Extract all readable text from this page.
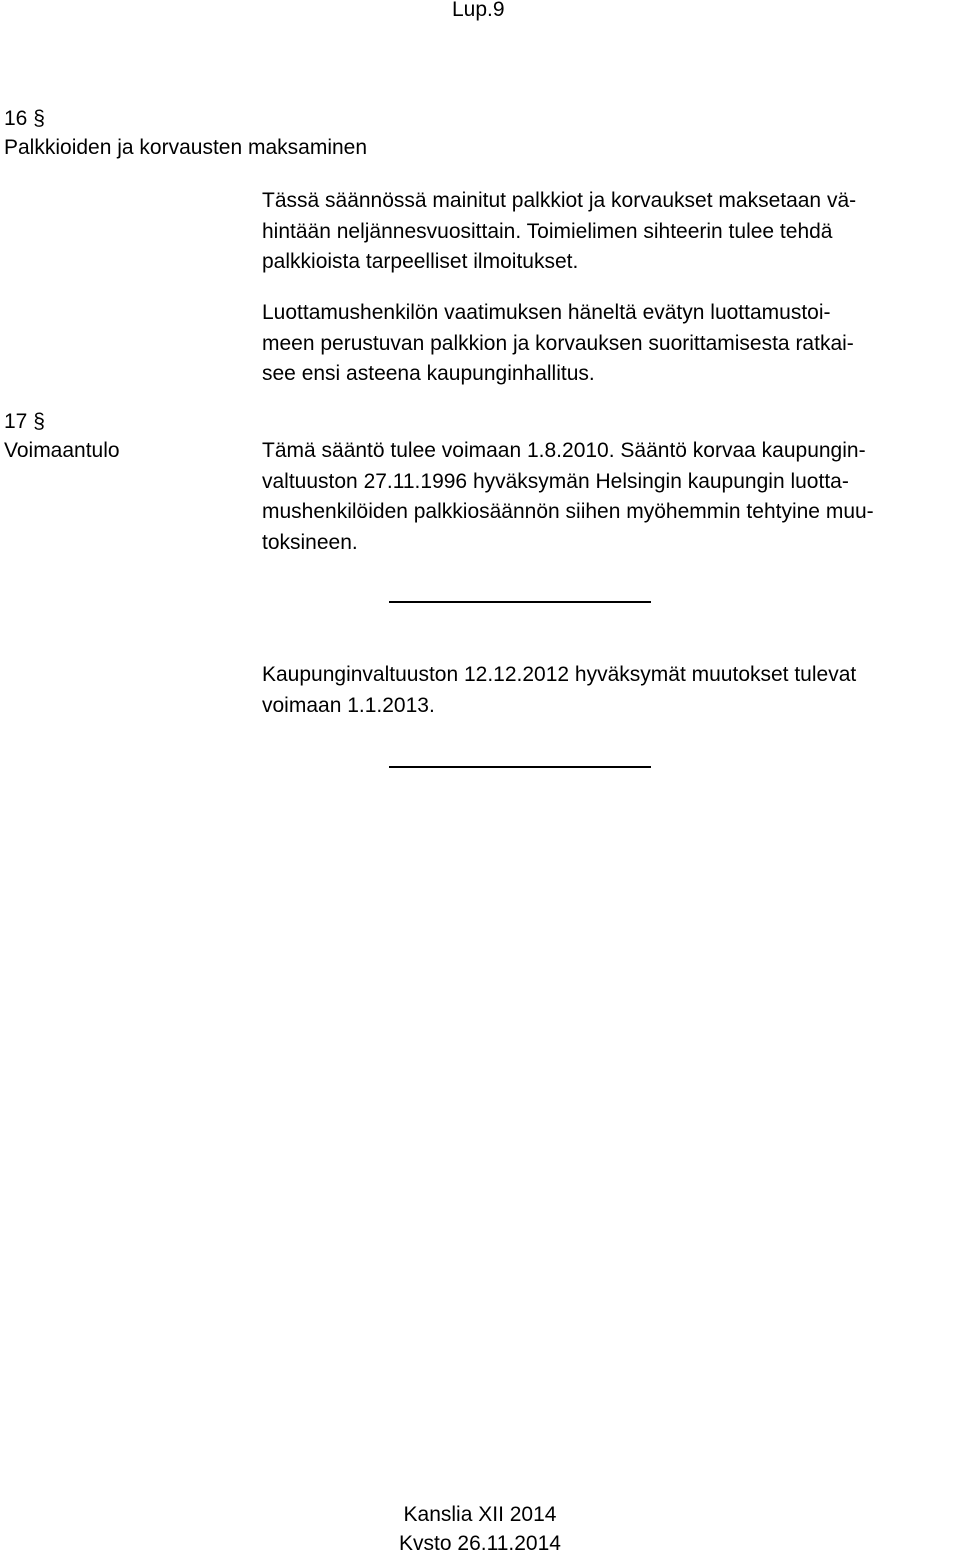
Lup.9
16 §
Palkkioiden ja korvausten maksaminen
Tässä säännössä mainitut palkkiot ja korvaukset maksetaan vä-
hintään neljännesvuosittain. Toimielimen sihteerin tulee tehdä
palkkioista tarpeelliset ilmoitukset.
Luottamushenkilön vaatimuksen häneltä evätyn luottamustoi-
meen perustuvan palkkion ja korvauksen suorittamisesta ratkai-
see ensi asteena kaupunginhallitus.
17 §
Voimaantulo	Tämä sääntö tulee voimaan 1.8.2010. Sääntö korvaa kaupungin-
valtuuston 27.11.1996 hyväksymän Helsingin kaupungin luotta-
mushenkilöiden palkkiosäännön siihen myöhemmin tehtyine muu-
toksineen.
Kaupunginvaltuuston 12.12.2012 hyväksymät muutokset tulevat
voimaan 1.1.2013.
Kanslia XII 2014
Kvsto 26.11.2014
